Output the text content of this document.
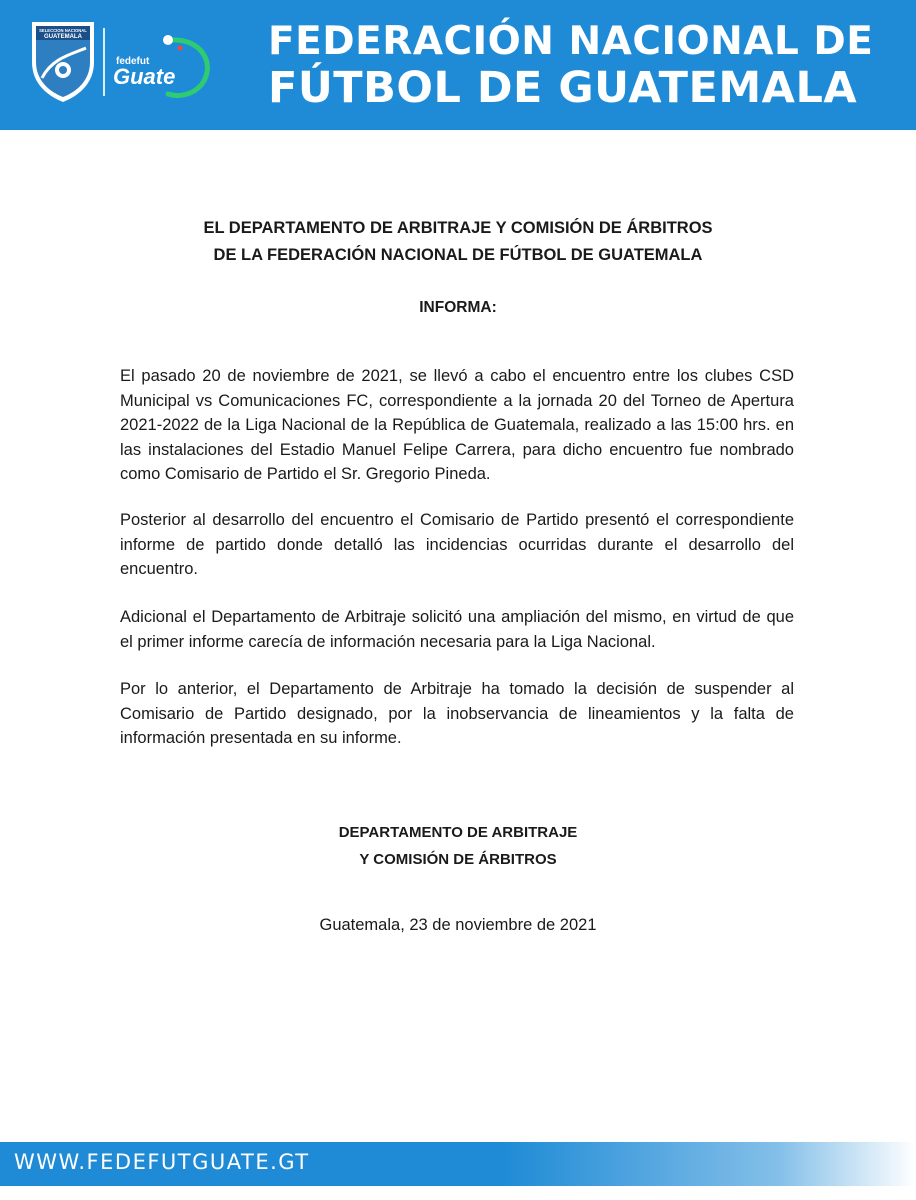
SELECCION NACIONAL
GUATEMALA
fedefut
Guate
FEDERACIÓN NACIONAL DE
FÚTBOL DE GUATEMALA
EL DEPARTAMENTO DE ARBITRAJE Y COMISIÓN DE ÁRBITROS
DE LA FEDERACIÓN NACIONAL DE FÚTBOL DE GUATEMALA
INFORMA:

El pasado 20 de noviembre de 2021, se llevó a cabo el encuentro entre los clubes CSD Municipal vs Comunicaciones FC, correspondiente a la jornada 20 del Torneo de Apertura 2021-2022 de la Liga Nacional de la República de Guatemala, realizado a las 15:00 hrs. en las instalaciones del Estadio Manuel Felipe Carrera, para dicho encuentro fue nombrado como Comisario de Partido el Sr. Gregorio Pineda.

Posterior al desarrollo del encuentro el Comisario de Partido presentó el correspondiente informe de partido donde detalló las incidencias ocurridas durante el desarrollo del encuentro.

Adicional el Departamento de Arbitraje solicitó una ampliación del mismo, en virtud de que el primer informe carecía de información necesaria para la Liga Nacional.

Por lo anterior, el Departamento de Arbitraje ha tomado la decisión de suspender al Comisario de Partido designado, por la inobservancia de lineamientos y la falta de información presentada en su informe.

DEPARTAMENTO DE ARBITRAJE
Y COMISIÓN DE ÁRBITROS
Guatemala, 23 de noviembre de 2021
WWW.FEDEFUTGUATE.GT
